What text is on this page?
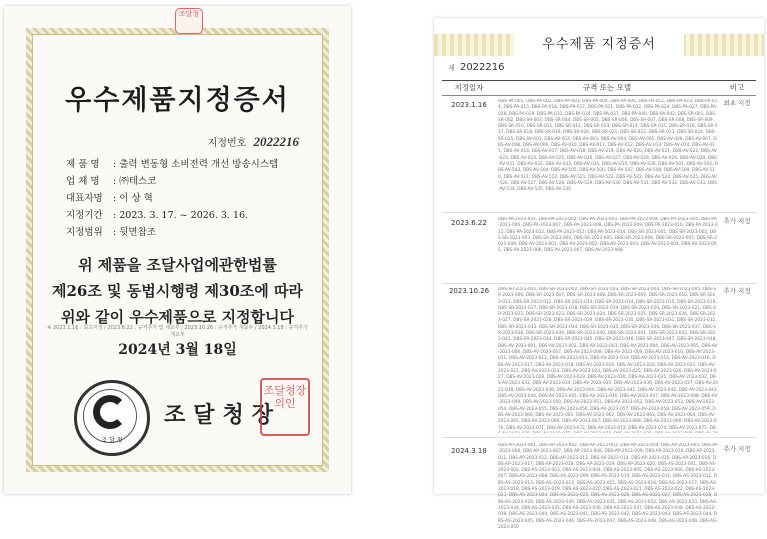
조달청
우수제품지정증서
지정번호 2022216
제 품 명 : 출력 변동형 소비전력 개선 방송시스템
업 체 명 : ㈜테스코
대표자명 : 이 상 혁
지정기간 : 2023. 3. 17. ~ 2026. 3. 16.
지정범위 : 뒷면참조
위 제품을 조달사업에관한법률
제26조 및 동법시행령 제30조에 따라
위와 같이 우수제품으로 지정합니다
※ 2023.1.16 : 최초지정 / 2023.6.22 : 규격추가 및 재교부 / 2023.10.26 : 규격추가 재교부 / 2024.3.18 : 규격추가 재교부
2024년 3월 18일
조 달 청
조달청장
조달청장의인
우수제품 지정증서
제 2022216
지정일자	규격 또는 모델	비고
2023.1.16	DBS-PA-001, DBS-PA-002, DBS-PA-003, DBS-PA-004, DBS-PA-005, DBS-PA-012, DBS-PA-013, DBS-PA-014, DBS-PA-015, DBS-PA-016, DBS-PA-017, DBS-PA-021, DBS-PA-022, DBS-PA-024, DBS-PA-027, DBS-PA-028, DBS-PA-029, DBS-PA-031, DBS-PA-034, DBS-PA-037, DBS-PA-040, DBS-PA-042, DBS-SR-001, DBS-SR-002, DBS-SR-003, DBS-SR-004, DBS-SR-005, DBS-SR-006, DBS-SR-007, DBS-SR-008, DBS-SR-009, DBS-SR-010, DBS-SR-011, DBS-SR-012, DBS-SR-013, DBS-SR-014, DBS-SR-015, DBS-SR-016, DBS-SR-017, DBS-SR-018, DBS-SR-019, DBS-SR-020, DBS-SR-021, DBS-SR-022, DBS-SR-023, DBS-SR-024, DBS-SR-025, DBS-AV-001, DBS-AV-002, DBS-AV-003, DBS-AV-004, DBS-AV-005, DBS-AV-006, DBS-AV-007, DBS-AV-008, DBS-AV-009, DBS-AV-010, DBS-AV-011, DBS-AV-012, DBS-AV-013, DBS-AV-014, DBS-AV-015, DBS-AV-016, DBS-AV-017, DBS-AV-018, DBS-AV-019, DBS-AV-020, DBS-AV-021, DBS-AV-022, DBS-AV-023, DBS-AV-024, DBS-AV-025, DBS-AV-026, DBS-AV-027, DBS-AV-028, DBS-AV-029, DBS-AV-030, DBS-AV-031, DBS-AV-032, DBS-AV-033, DBS-AV-034, DBS-AV-035, DBS-AV-036, DBS-AV-501, DBS-AV-502, DBS-AV-503, DBS-AV-504, DBS-AV-505, DBS-AV-506, DBS-AV-507, DBS-AV-508, DBS-AV-509, DBS-AV-510, DBS-AV-511, DBS-AV-512, DBS-AV-521, DBS-AV-522, DBS-AV-523, DBS-AV-524, DBS-AV-525, DBS-AV-526, DBS-AV-527, DBS-AV-528, DBS-AV-529, DBS-AV-530, DBS-AV-531, DBS-AV-532, DBS-AV-533, DBS-AV-534, DBS-AV-535, DBS-AV-536
최초 지정
2023.6.22	DBS-PA-2023-001, DBS-PA-2023-002, DBS-PA-2023-003, DBS-PA-2023-004, DBS-PA-2023-005, DBS-PA-2023-006, DBS-PA-2023-007, DBS-PA-2023-008, DBS-PA-2023-009, DBS-PA-2023-010, DBS-PA-2023-011, DBS-PA-2023-012, DBS-PA-2023-013, DBS-PA-2023-014, DBS-SR-2023-001, DBS-SR-2023-002, DBS-SR-2023-003, DBS-SR-2023-004, DBS-SR-2023-005, DBS-SR-2023-006, DBS-SR-2023-007, DBS-SR-2023-008, DBS-AV-2023-001, DBS-AV-2023-002, DBS-AV-2023-003, DBS-AV-2023-004, DBS-AV-2023-005, DBS-AV-2023-006, DBS-AV-2023-007, DBS-AV-2023-008
추가 지정
2023.10.26	DBS-SR-2023-001, DBS-SR-2023-002, DBS-SR-2023-003, DBS-SR-2023-004, DBS-SR-2023-005, DBS-SR-2023-006, DBS-SR-2023-007, DBS-SR-2023-008, DBS-SR-2023-009, DBS-SR-2023-010, DBS-SR-2023-011, DBS-SR-2023-012, DBS-SR-2023-013, DBS-SR-2023-014, DBS-SR-2023-015, DBS-SR-2023-016, DBS-SR-2023-017, DBS-SR-2023-018, DBS-SR-2023-019, DBS-SR-2023-020, DBS-SR-2023-021, DBS-SR-2023-022, DBS-SR-2023-023, DBS-SR-2023-024, DBS-SR-2023-025, DBS-SR-2023-026, DBS-SR-2023-027, DBS-SR-2023-028, DBS-SR-2023-029, DBS-SR-2023-030, DBS-SR-2023-031, DBS-SR-2023-032, DBS-SR-2023-033, DBS-SR-2023-034, DBS-SR-2023-035, DBS-SR-2023-036, DBS-SR-2023-037, DBS-SR-2023-038, DBS-SR-2023-039, DBS-SR-2023-040, DBS-SR-2023-041, DBS-SR-2023-042, DBS-SR-2023-043, DBS-SR-2023-044, DBS-SR-2023-045, DBS-SR-2023-046, DBS-SR-2023-047, DBS-SR-2023-048, DBS-AV-2023-001, DBS-AV-2023-002, DBS-AV-2023-003, DBS-AV-2023-004, DBS-AV-2023-005, DBS-AV-2023-006, DBS-AV-2023-007, DBS-AV-2023-008, DBS-AV-2023-009, DBS-AV-2023-010, DBS-AV-2023-011, DBS-AV-2023-012, DBS-AV-2023-013, DBS-AV-2023-014, DBS-AV-2023-015, DBS-AV-2023-016, DBS-AV-2023-017, DBS-AV-2023-018, DBS-AV-2023-019, DBS-AV-2023-020, DBS-AV-2023-021, DBS-AV-2023-022, DBS-AV-2023-023, DBS-AV-2023-024, DBS-AV-2023-025, DBS-AV-2023-026, DBS-AV-2023-027, DBS-AV-2023-028, DBS-AV-2023-029, DBS-AV-2023-030, DBS-AV-2023-031, DBS-AV-2023-032, DBS-AV-2023-033, DBS-AV-2023-034, DBS-AV-2023-035, DBS-AV-2023-036, DBS-AV-2023-037, DBS-AV-2023-038, DBS-AV-2023-039, DBS-AV-2023-040, DBS-AV-2023-041, DBS-AV-2023-042, DBS-AV-2023-043, DBS-AV-2023-044, DBS-AV-2023-045, DBS-AV-2023-046, DBS-AV-2023-047, DBS-AV-2023-048, DBS-AV-2023-049, DBS-AV-2023-050, DBS-AV-2023-051, DBS-AV-2023-052, DBS-AV-2023-053, DBS-AV-2023-054, DBS-AV-2023-055, DBS-AV-2023-056, DBS-AV-2023-057, DBS-AV-2023-058, DBS-AV-2023-059, DBS-AV-2023-060, DBS-AV-2023-061, DBS-AV-2023-062, DBS-AV-2023-063, DBS-AV-2023-064, DBS-AV-2023-065, DBS-AV-2023-066, DBS-AV-2023-067, DBS-AV-2023-068, DBS-AV-2023-069, DBS-AV-2023-070, DBS-AV-2023-071, DBS-AV-2023-072, DBS-AV-2023-073, DBS-AV-2023-074, DBS-AV-2023-075, DB
추가 지정
2024.3.18
DBS-AP-2023-001, DBS-AP-2023-002, DBS-AP-2023-003, DBS-AP-2023-004, DBS-AP-2023-005, DBS-AP-2023-006, DBS-AP-2023-007, DBS-AP-2023-008, DBS-AP-2023-009, DBS-AP-2023-010, DBS-AP-2023-011, DBS-AP-2023-012, DBS-AP-2023-013, DBS-AP-2023-014, DBS-AP-2023-015, DBS-AP-2023-016, DBS-AP-2023-017, DBS-AP-2023-018, DBS-AP-2023-019, DBS-AP-2023-020, DBS-AS-2023-001, DBS-AS-2023-002, DBS-AS-2023-003, DBS-AS-2023-004, DBS-AS-2023-005, DBS-AS-2023-006, DBS-AS-2023-007, DBS-AS-2023-008, DBS-AS-2023-009, DBS-AS-2023-010, DBS-AS-2023-011, DBS-AS-2023-012, DBS-AS-2023-013, DBS-AS-2023-014, DBS-AS-2023-015, DBS-AS-2023-016, DBS-AS-2023-017, DBS-AS-2023-018, DBS-AS-2023-019, DBS-AS-2023-020, DBS-AS-2023-021, DBS-AS-2023-022, DBS-AS-2023-023, DBS-AS-2023-024, DBS-AS-2023-025, DBS-AS-2023-026, DBS-AS-2023-027, DBS-AS-2023-028, DBS-AS-2023-029, DBS-AS-2023-030, DBS-AS-2023-031, DBS-AS-2023-032, DBS-AS-2023-033, DBS-AS-2023-034, DBS-AS-2023-035, DBS-AS-2023-036, DBS-AS-2023-037, DBS-AS-2023-038, DBS-AS-2023-039, DBS-AS-2023-040, DBS-AS-2023-041, DBS-AS-2023-042, DBS-AS-2023-043, DBS-AS-2023-044, DBS-AS-2023-045, DBS-AS-2023-046, DBS-AS-2023-047, DBS-AS-2023-048, DBS-AS-2023-049, DBS-AS-2023-050
추가 지정
